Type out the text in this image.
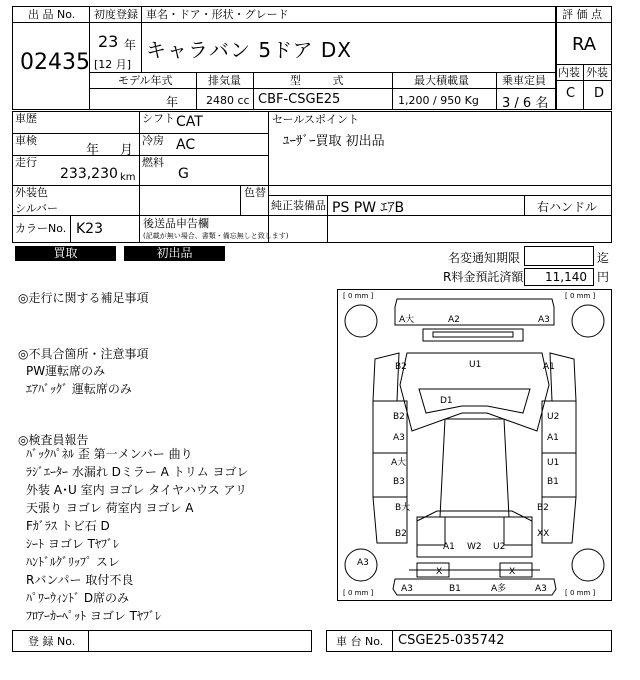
出 品 No.
02435
初度登録
23 年
[12 月]
車名・ドア・形状・グレード
キャラバン 5ドア DX
モデル年式	排気量	型 式	最大積載量	乗車定員
年	2480 cc CBF-CSGE25	1,200 / 950 Kg 3 / 6 名
評 価 点
RA
内装 外装
C D
車歴	シフト CAT
車検
年 月
冷房 AC
走行
233,230 km
燃料
G
外装色
シルバー
色替
カラーNo. K23	後送品申告欄
(記載が無い場合、書類・備忘無しと致します)
セールスポイント
ﾕｰｻﾞｰ買取 初出品
純正装備品 PS PW ｴｱB	右ハンドル
買取	初出品	名変通知期限	迄
R料金預託済額 11,140 円
◎走行に関する補足事項
◎不具合箇所・注意事項
PW運転席のみ
ｴｱﾊﾞｯｸﾞ 運転席のみ
◎検査員報告
ﾊﾞｯｸﾊﾟﾈﾙ 歪 第一メンバー 曲り
ﾗｼﾞｴｰﾀｰ 水漏れ Dミラー A トリム ヨゴレ
外装 A･U 室内 ヨゴレ タイヤハウス アリ
天張り ヨゴレ 荷室内 ヨゴレ A
Fｶﾞﾗｽ トビ石 D
ｼｰﾄ ヨゴレ Tﾔﾌﾞﾚ
ﾊﾝﾄﾞﾙｸﾞﾘｯﾌﾟ スレ
Rバンパー 取付不良
ﾊﾟﾜｰｳｨﾝﾄﾞ D席のみ
ﾌﾛｱｰｶｰﾍﾟｯﾄ ヨゴレ Tﾔﾌﾞﾚ
[ 0 mm ]	[ 0 mm ]
[ 0 mm ]	[ 0 mm ]
A大	A2	A3
B2	U1	A1
D1
B2	U2
A3	A1
A大	U1
B3	B1
B大	B2
B2	XX
A1 W2 U2
A3
X	X
A3	B1	A多	A3
登 録 No.	車 台 No. CSGE25-035742
